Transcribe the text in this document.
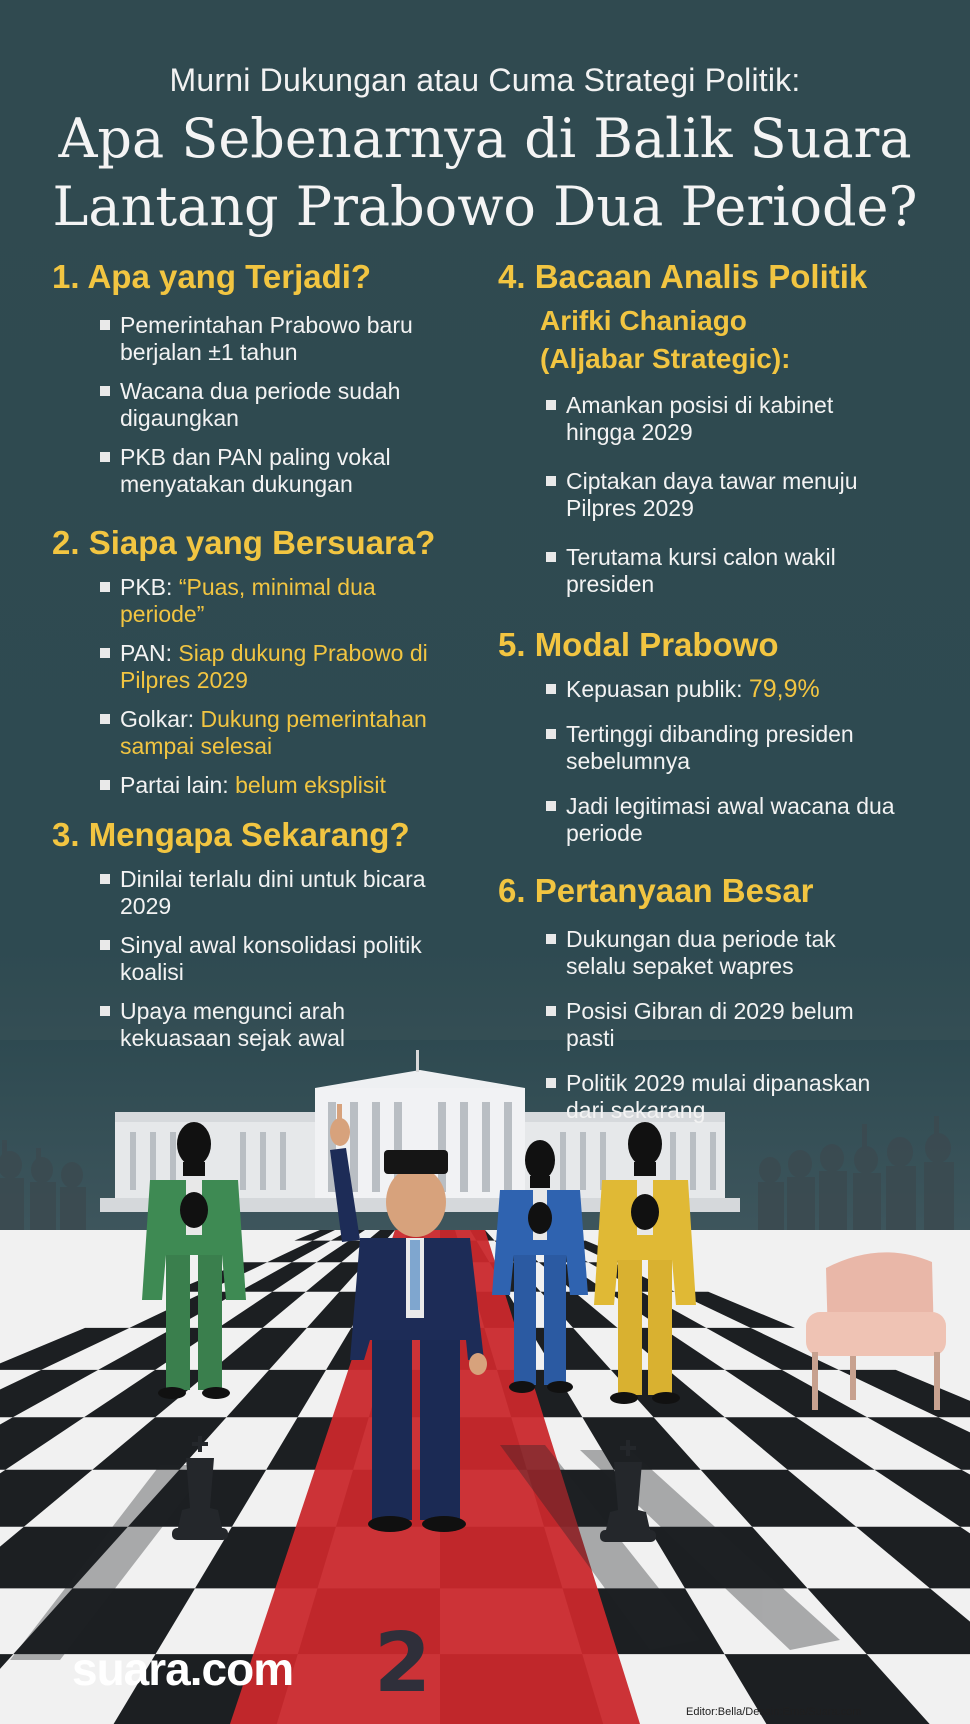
Murni Dukungan atau Cuma Strategi Politik:
Apa Sebenarnya di Balik Suara
Lantang Prabowo Dua Periode?
1. Apa yang Terjadi?
Pemerintahan Prabowo baru berjalan ±1 tahun
Wacana dua periode sudah digaungkan
PKB dan PAN paling vokal menyatakan dukungan
2. Siapa yang Bersuara?
PKB: “Puas, minimal dua periode”
PAN: Siap dukung Prabowo di Pilpres 2029
Golkar: Dukung pemerintahan sampai selesai
Partai lain: belum eksplisit
3. Mengapa Sekarang?
Dinilai terlalu dini untuk bicara 2029
Sinyal awal konsolidasi politik koalisi
Upaya mengunci arah kekuasaan sejak awal
4. Bacaan Analis Politik
Arifki Chaniago
(Aljabar Strategic):
Amankan posisi di kabinet hingga 2029
Ciptakan daya tawar menuju Pilpres 2029
Terutama kursi calon wakil presiden
5. Modal Prabowo
Kepuasan publik: 79,9%
Tertinggi dibanding presiden sebelumnya
Jadi legitimasi awal wacana dua periode
6. Pertanyaan Besar
Dukungan dua periode tak selalu sepaket wapres
Posisi Gibran di 2029 belum pasti
Politik 2029 mulai dipanaskan dari sekarang
suara.com 2
Editor:Bella/Desain:Ema/Suara.com
